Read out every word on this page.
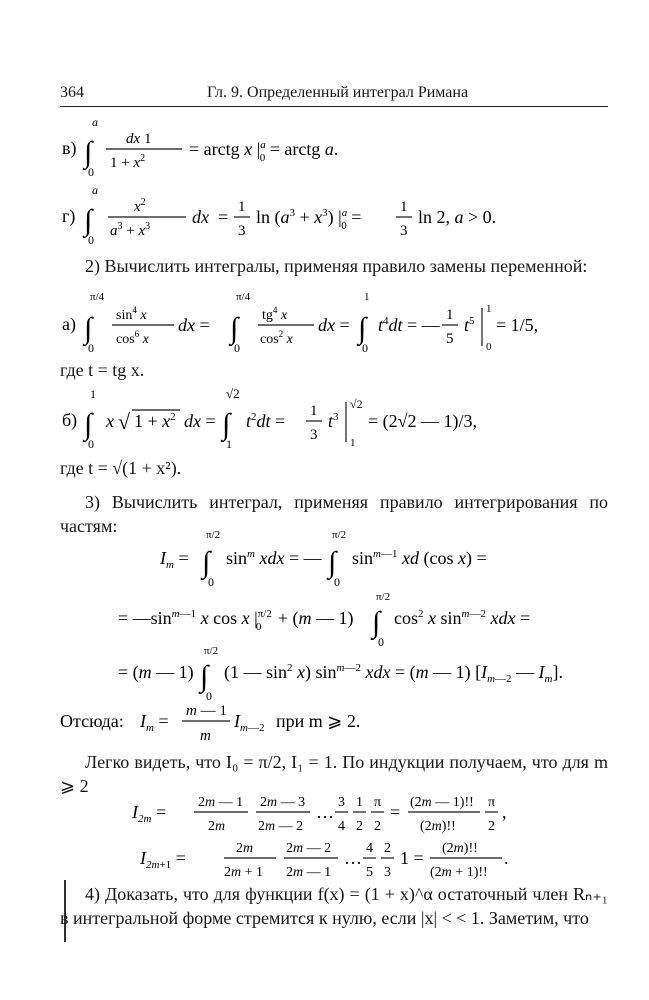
364	Гл. 9. Определенный интеграл Римана
в) ∫
a
0
dx 1
$1 + x^2$ = arctg x $|^a$ 0 = arctg a.
г) ∫
a
0
$x^2$
$a^3 + x^3$ dx = 1
3
$\ln (a^3 + x^3)$ $|^a$ 0 =	1
3
ln 2, a > 0.
2) Вычислить интегралы, применяя правило замены переменной:
а) ∫
π/4
0
$\sin^4 x$
$\cos^6 x$
dx = ∫
π/4
0
$tg^4$ x
$\cos^2 x$
dx = ∫
1
0
$t^4dt$ = — 1
5
$t^5$
1
0
= 1/5,
где t = tg x.
б) ∫
1
0
x √ $1 + x^2$ dx = ∫
√2
1
$t^2dt = 1$
3
$t^3$
√2
1
= (2√2 — 1)/3,
где t = √(1 + x²).
3) Вычислить интеграл, применяя правило интегрирования по частям:
$I_m$ = ∫
π/2
0
$\sin^m$ xdx = — ∫
π/2
0
$\sin^m—1$ xd (cos x) =
= $—\sin^m—1$ x cos x $|^{\pi/2}$ 0 + (m — 1) ∫
π/2
0
$\cos^2 x$ $\sin^m—2$ xdx =
= (m — 1) ∫
π/2
0
(1 — $\sin^2 x$) $\sin^m—2$ xdx = (m — 1) [$I_m—2$ — $I_m$].
Отсюда: $I_m = m$ — 1
m
$I_m—2$ при m ⩾ 2.
Легко видеть, что I₀ = π/2, I₁ = 1. По индукции получаем, что для m ⩾ 2
$I_{2m} = 2m$ — 1
2m
2m — 3
2m — 2
… 3
4
1
2
π
2
= (2m — 1)!!
(2m)!!
π
2
,
$I_{2m}+1$ =	2m
2m + 1
2m — 2
2m — 1
… 4
5
2
3
1 = (2m)!!
(2m + 1)!!
.
4) Доказать, что для функции f(x) = (1 + x)^α остаточный член Rₙ₊₁ в интегральной форме стремится к нулю, если |x| < < 1. Заметим, что
